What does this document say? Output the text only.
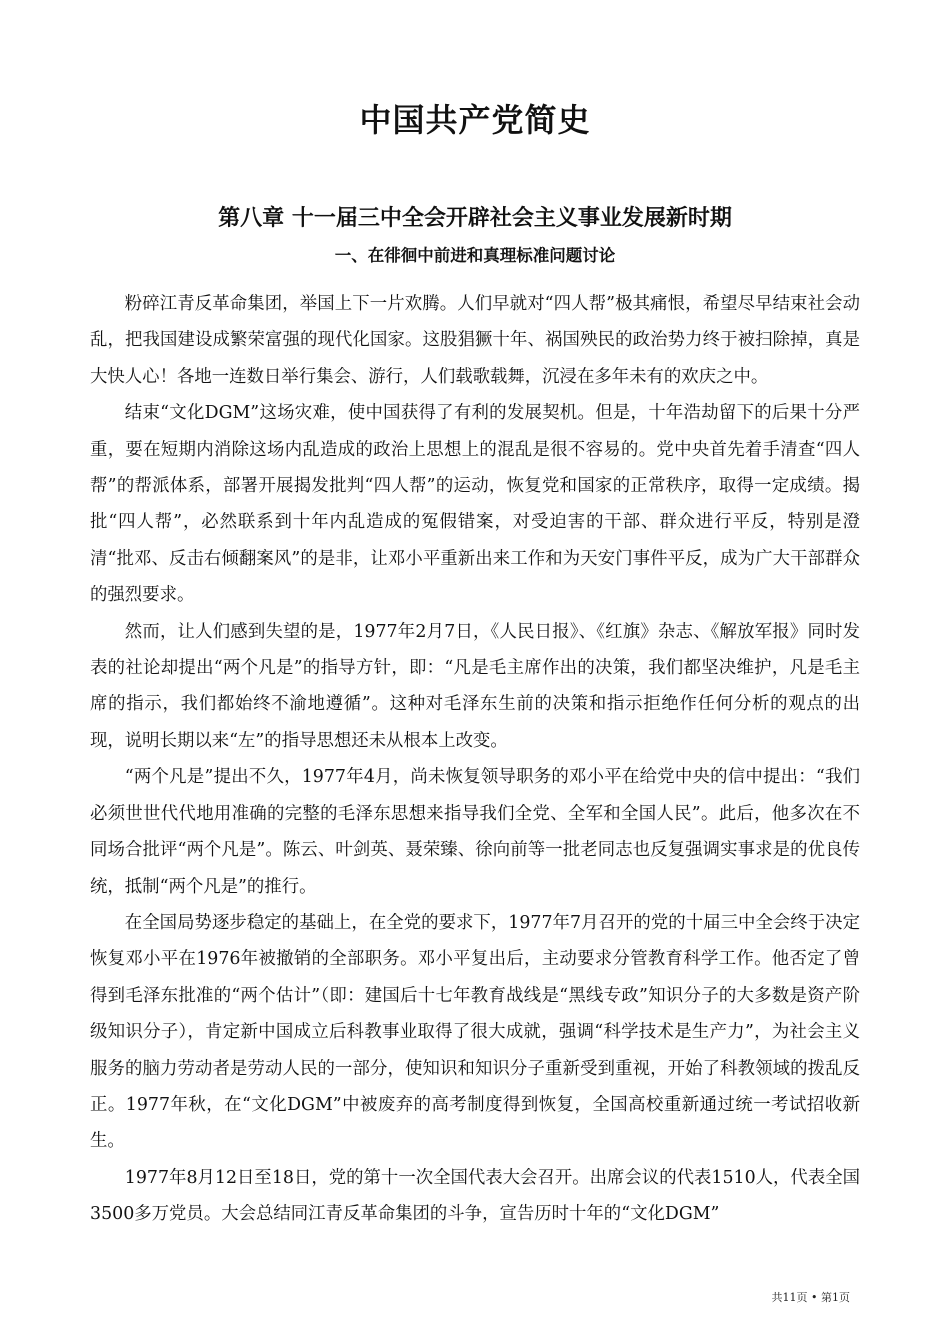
中国共产党简史
第八章 十一届三中全会开辟社会主义事业发展新时期
一、在徘徊中前进和真理标准问题讨论

粉碎江青反革命集团，举国上下一片欢腾。人们早就对“四人帮”极其痛恨，希望尽早结束社会动乱，把我国建设成繁荣富强的现代化国家。这股猖獗十年、祸国殃民的政治势力终于被扫除掉，真是大快人心！各地一连数日举行集会、游行，人们载歌载舞，沉浸在多年未有的欢庆之中。

结束“文化DGM”这场灾难，使中国获得了有利的发展契机。但是，十年浩劫留下的后果十分严重，要在短期内消除这场内乱造成的政治上思想上的混乱是很不容易的。党中央首先着手清查“四人帮”的帮派体系，部署开展揭发批判“四人帮”的运动，恢复党和国家的正常秩序，取得一定成绩。揭批“四人帮”，必然联系到十年内乱造成的冤假错案，对受迫害的干部、群众进行平反，特别是澄清“批邓、反击右倾翻案风”的是非，让邓小平重新出来工作和为天安门事件平反，成为广大干部群众的强烈要求。

然而，让人们感到失望的是，1977年2月7日，《人民日报》、《红旗》杂志、《解放军报》同时发表的社论却提出“两个凡是”的指导方针，即：“凡是毛主席作出的决策，我们都坚决维护，凡是毛主席的指示，我们都始终不渝地遵循”。这种对毛泽东生前的决策和指示拒绝作任何分析的观点的出现，说明长期以来“左”的指导思想还未从根本上改变。

“两个凡是”提出不久，1977年4月，尚未恢复领导职务的邓小平在给党中央的信中提出：“我们必须世世代代地用准确的完整的毛泽东思想来指导我们全党、全军和全国人民”。此后，他多次在不同场合批评“两个凡是”。陈云、叶剑英、聂荣臻、徐向前等一批老同志也反复强调实事求是的优良传统，抵制“两个凡是”的推行。

在全国局势逐步稳定的基础上，在全党的要求下，1977年7月召开的党的十届三中全会终于决定恢复邓小平在1976年被撤销的全部职务。邓小平复出后，主动要求分管教育科学工作。他否定了曾得到毛泽东批准的“两个估计”（即：建国后十七年教育战线是“黑线专政”知识分子的大多数是资产阶级知识分子），肯定新中国成立后科教事业取得了很大成就，强调“科学技术是生产力”，为社会主义服务的脑力劳动者是劳动人民的一部分，使知识和知识分子重新受到重视，开始了科教领域的拨乱反正。1977年秋，在“文化DGM”中被废弃的高考制度得到恢复，全国高校重新通过统一考试招收新生。

1977年8月12日至18日，党的第十一次全国代表大会召开。出席会议的代表1510人，代表全国3500多万党员。大会总结同江青反革命集团的斗争，宣告历时十年的“文化DGM”

共11页 • 第1页
